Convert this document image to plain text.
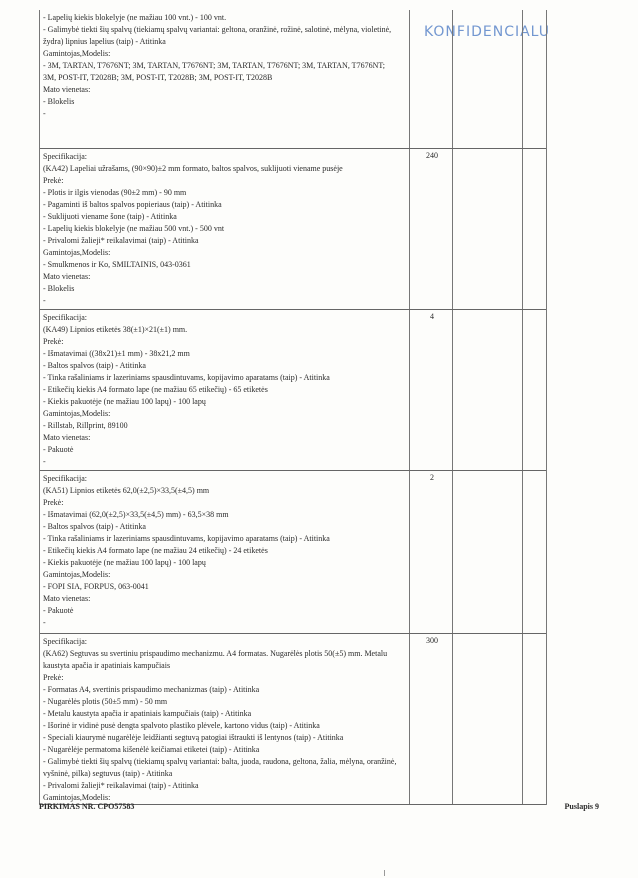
KONFIDENCIALU
- Lapelių kiekis blokelyje (ne mažiau 100 vnt.) - 100 vnt.
- Galimybė tiekti šių spalvų (tiekiamų spalvų variantai: geltona, oranžinė, rožinė, salotinė, mėlyna, violetinė,
žydra) lipnius lapelius (taip) - Atitinka
Gamintojas,Modelis:
- 3M, TARTAN, T7676NT; 3M, TARTAN, T7676NT; 3M, TARTAN, T7676NT; 3M, TARTAN, T7676NT;
3M, POST-IT, T2028B; 3M, POST-IT, T2028B; 3M, POST-IT, T2028B
Mato vienetas:
- Blokelis
-
Specifikacija:
(KA42) Lapeliai užrašams, (90×90)±2 mm formato, baltos spalvos, suklijuoti viename pusėje
Prekė:
- Plotis ir ilgis vienodas (90±2 mm) - 90 mm
- Pagaminti iš baltos spalvos popieriaus (taip) - Atitinka
- Suklijuoti viename šone (taip) - Atitinka
- Lapelių kiekis blokelyje (ne mažiau 500 vnt.) - 500 vnt
- Privalomi žalieji* reikalavimai (taip) - Atitinka
Gamintojas,Modelis:
- Smulkmenos ir Ko, SMILTAINIS, 043-0361
Mato vienetas:
- Blokelis
-
240
Specifikacija:
(KA49) Lipnios etiketės 38(±1)×21(±1) mm.
Prekė:
- Išmatavimai ((38x21)±1 mm) - 38x21,2 mm
- Baltos spalvos (taip) - Atitinka
- Tinka rašaliniams ir lazeriniams spausdintuvams, kopijavimo aparatams (taip) - Atitinka
- Etikečių kiekis A4 formato lape (ne mažiau 65 etikečių) - 65 etiketės
- Kiekis pakuotėje (ne mažiau 100 lapų) - 100 lapų
Gamintojas,Modelis:
- Rillstab, Rillprint, 89100
Mato vienetas:
- Pakuotė
-
4
Specifikacija:
(KA51) Lipnios etiketės 62,0(±2,5)×33,5(±4,5) mm
Prekė:
- Išmatavimai (62,0(±2,5)×33,5(±4,5) mm) - 63,5×38 mm
- Baltos spalvos (taip) - Atitinka
- Tinka rašaliniams ir lazeriniams spausdintuvams, kopijavimo aparatams (taip) - Atitinka
- Etikečių kiekis A4 formato lape (ne mažiau 24 etikečių) - 24 etiketės
- Kiekis pakuotėje (ne mažiau 100 lapų) - 100 lapų
Gamintojas,Modelis:
- FOPI SIA, FORPUS, 063-0041
Mato vienetas:
- Pakuotė
-
2
Specifikacija:
(KA62) Segtuvas su svertiniu prispaudimo mechanizmu. A4 formatas. Nugarėlės plotis 50(±5) mm. Metalu
kaustyta apačia ir apatiniais kampučiais
Prekė:
- Formatas A4, svertinis prispaudimo mechanizmas (taip) - Atitinka
- Nugarėlės plotis (50±5 mm) - 50 mm
- Metalu kaustyta apačia ir apatiniais kampučiais (taip) - Atitinka
- Išorinė ir vidinė pusė dengta spalvoto plastiko plėvele, kartono vidus (taip) - Atitinka
- Speciali kiaurymė nugarėlėje leidžianti segtuvą patogiai ištraukti iš lentynos (taip) - Atitinka
- Nugarėlėje permatoma kišenėlė keičiamai etiketei (taip) - Atitinka
- Galimybė tiekti šių spalvų (tiekiamų spalvų variantai: balta, juoda, raudona, geltona, žalia, mėlyna, oranžinė,
vyšninė, pilka) segtuvus (taip) - Atitinka
- Privalomi žalieji* reikalavimai (taip) - Atitinka
Gamintojas,Modelis:
300
PIRKIMAS NR. CPO57583	Puslapis 9
